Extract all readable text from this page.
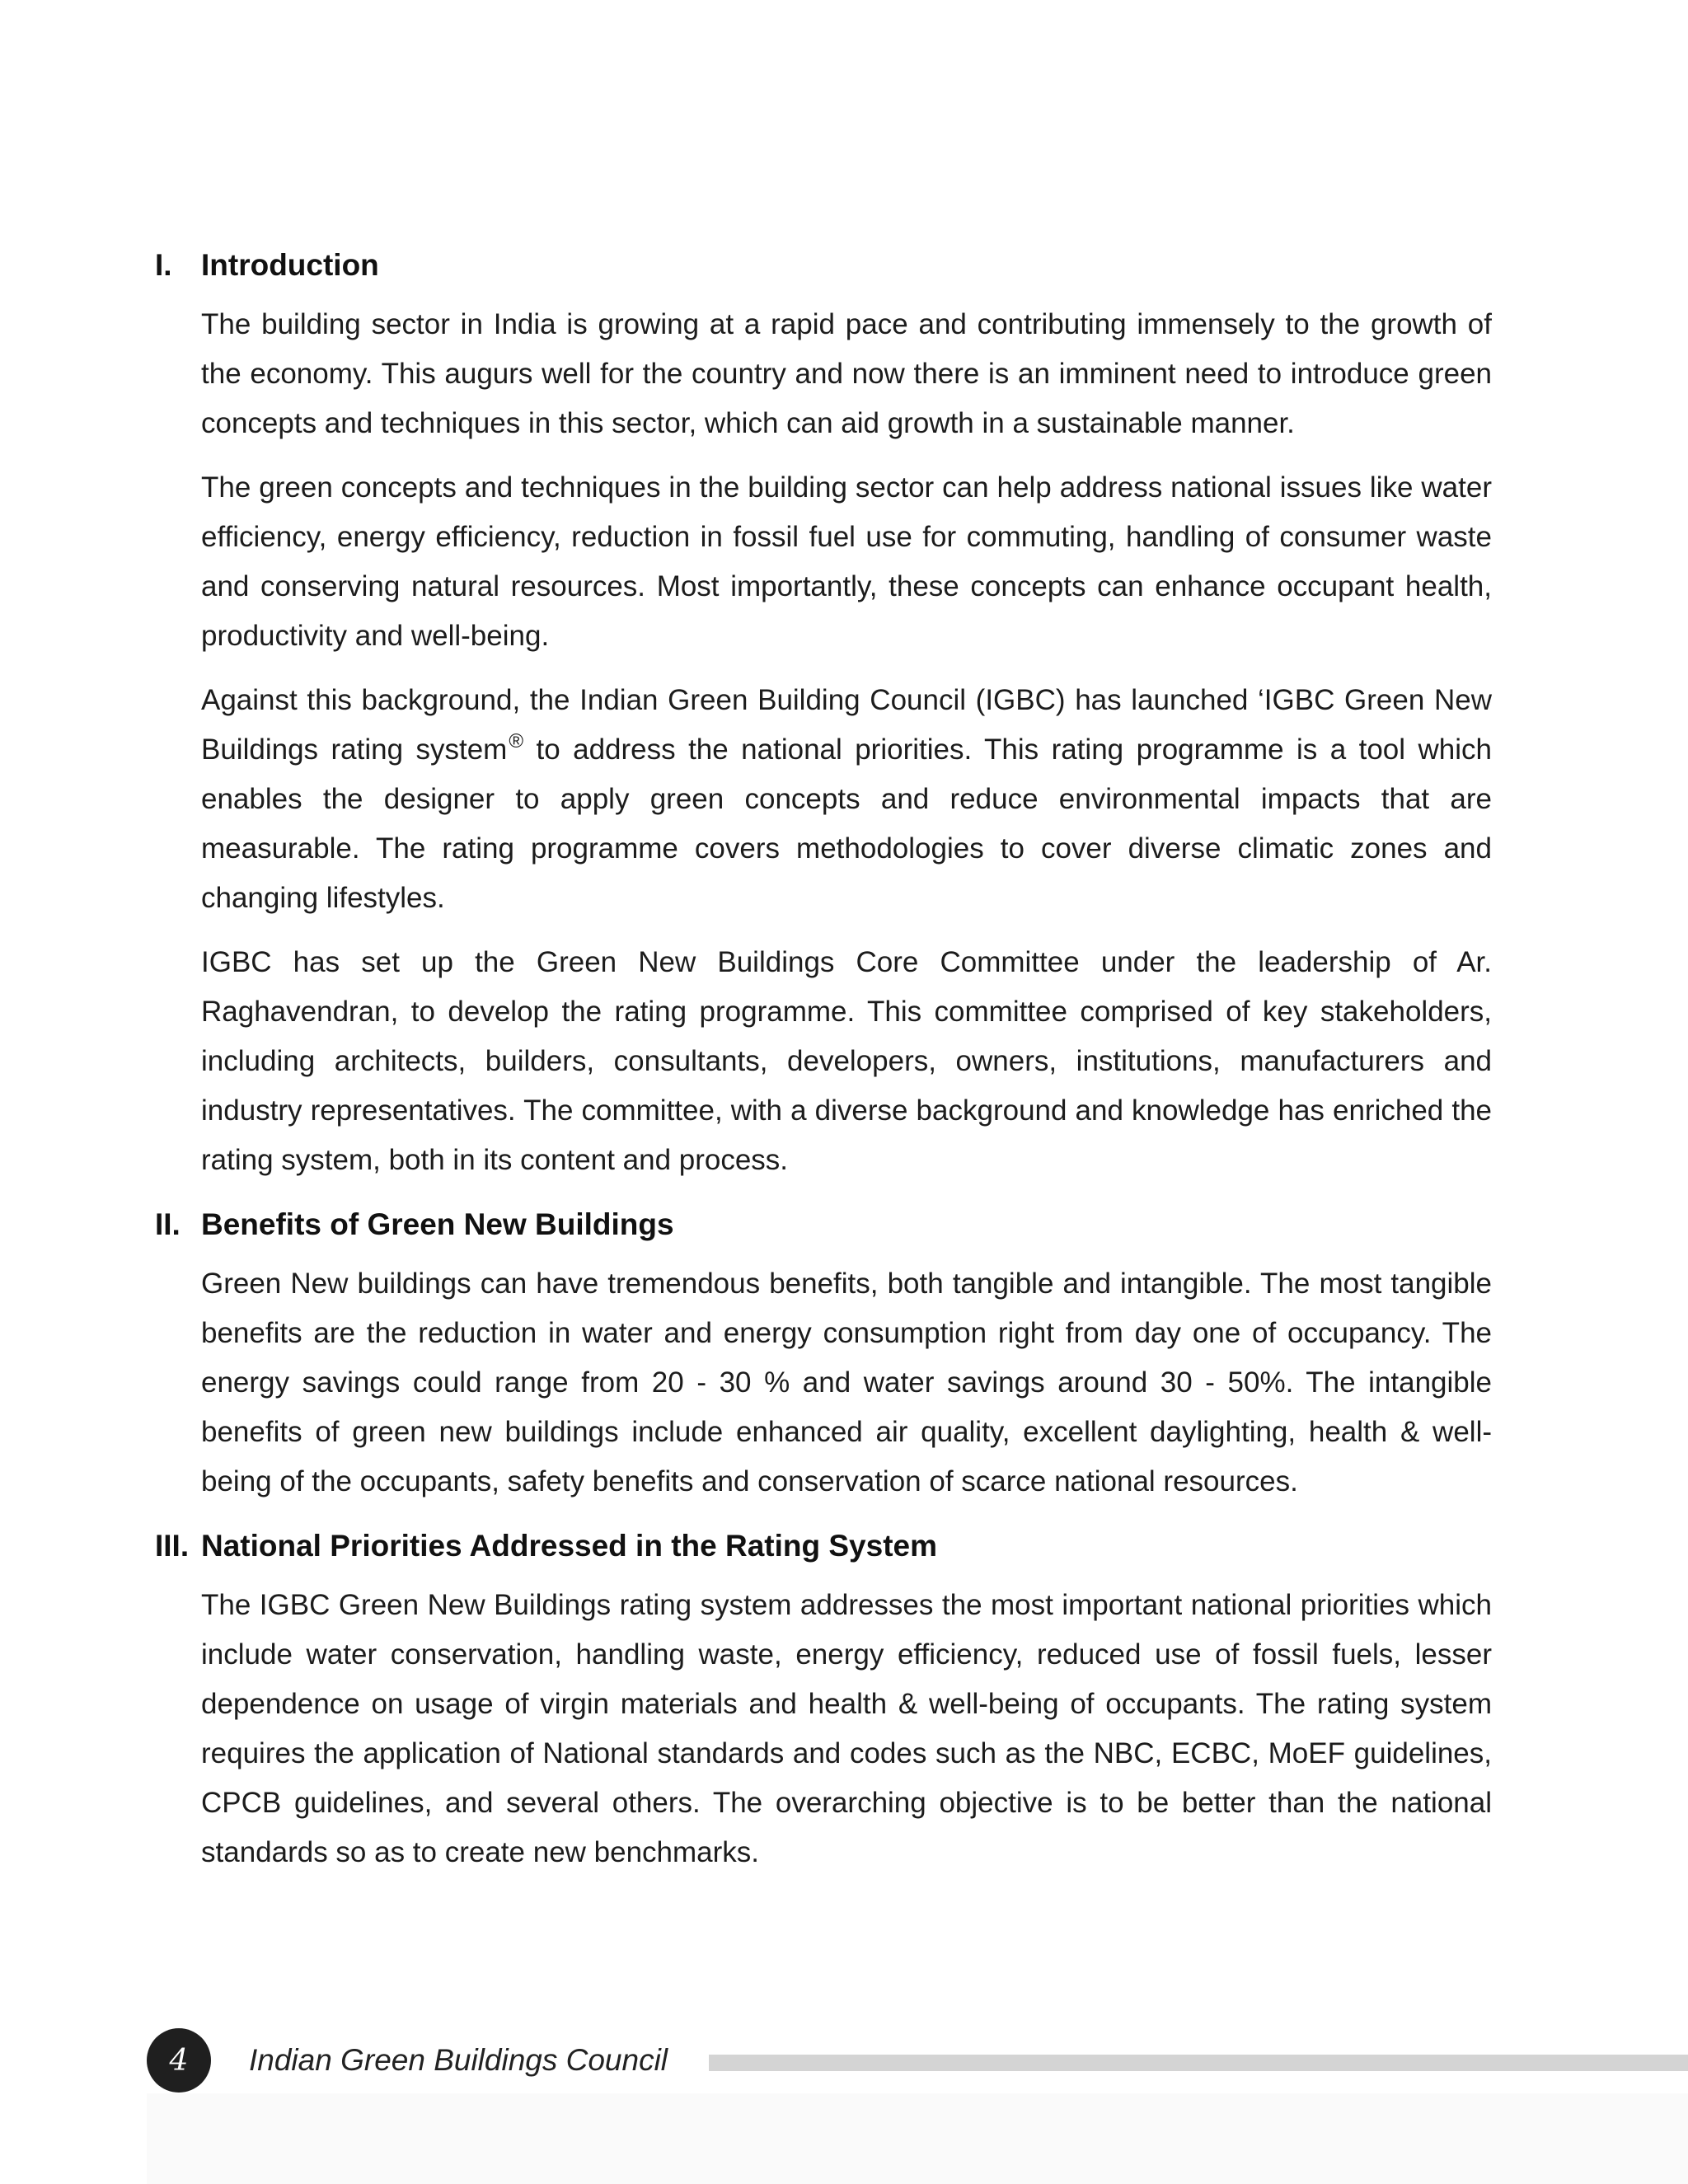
I. Introduction

The building sector in India is growing at a rapid pace and contributing immensely to the growth of the economy. This augurs well for the country and now there is an imminent need to introduce green concepts and techniques in this sector, which can aid growth in a sustainable manner.

The green concepts and techniques in the building sector can help address national issues like water efficiency, energy efficiency, reduction in fossil fuel use for commuting, handling of consumer waste and conserving natural resources. Most importantly, these concepts can enhance occupant health, productivity and well-being.

Against this background, the Indian Green Building Council (IGBC) has launched ‘IGBC Green New Buildings rating system® to address the national priorities. This rating programme is a tool which enables the designer to apply green concepts and reduce environmental impacts that are measurable. The rating programme covers methodologies to cover diverse climatic zones and changing lifestyles.

IGBC has set up the Green New Buildings Core Committee under the leadership of Ar. Raghavendran, to develop the rating programme. This committee comprised of key stakeholders, including architects, builders, consultants, developers, owners, institutions, manufacturers and industry representatives. The committee, with a diverse background and knowledge has enriched the rating system, both in its content and process.

II. Benefits of Green New Buildings

Green New buildings can have tremendous benefits, both tangible and intangible. The most tangible benefits are the reduction in water and energy consumption right from day one of occupancy. The energy savings could range from 20 - 30 % and water savings around 30 - 50%. The intangible benefits of green new buildings include enhanced air quality, excellent daylighting, health & well-being of the occupants, safety benefits and conservation of scarce national resources.

III. National Priorities Addressed in the Rating System

The IGBC Green New Buildings rating system addresses the most important national priorities which include water conservation, handling waste, energy efficiency, reduced use of fossil fuels, lesser dependence on usage of virgin materials and health & well-being of occupants. The rating system requires the application of National standards and codes such as the NBC, ECBC, MoEF guidelines, CPCB guidelines, and several others. The overarching objective is to be better than the national standards so as to create new benchmarks.

4 Indian Green Buildings Council
